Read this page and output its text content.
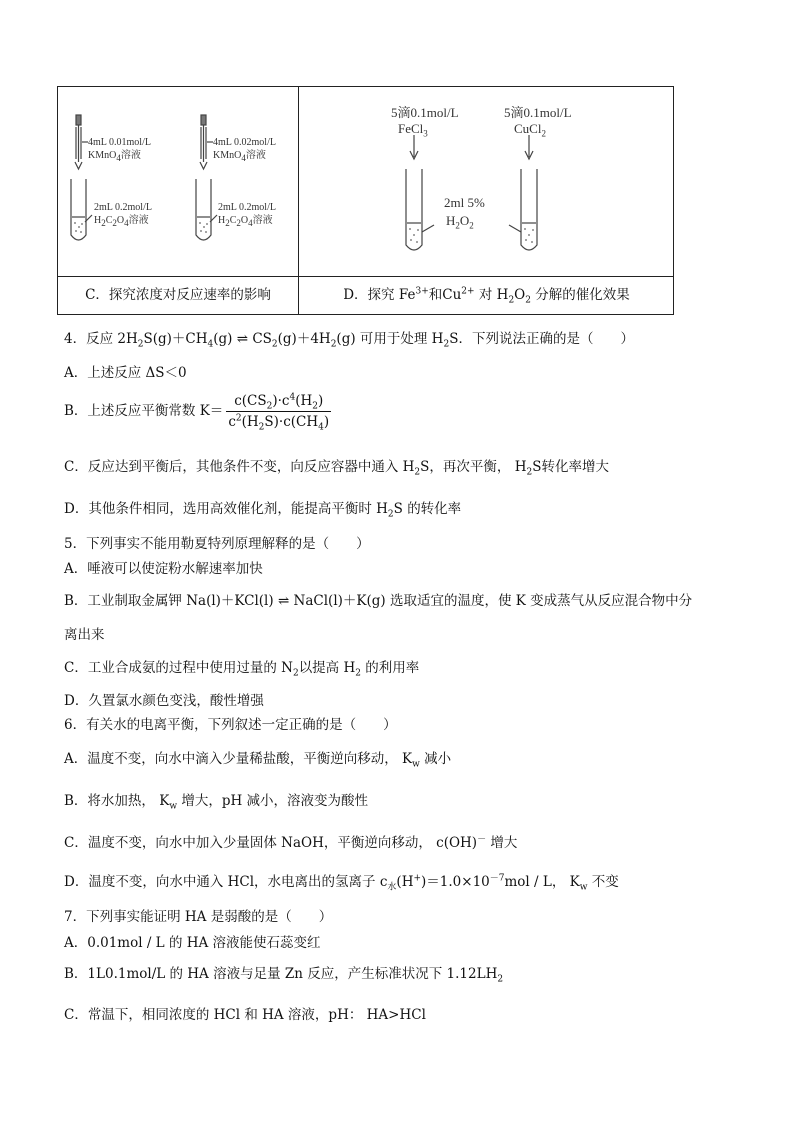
4mL 0.01mol/L
KMnO$_4$溶液
2mL 0.2mol/L
$H_2C_2O_4$溶液
4mL 0.02mol/L
KMnO$_4$溶液
2mL 0.2mol/L
$H_2C_2O_4$溶液
5滴0.1mol/L
FeCl$_3$
5滴0.1mol/L
CuCl$_2$
2ml 5%
$H_2O_2$
C．探究浓度对反应速率的影响	D．探究 $Fe^{3+}$和$Cu^{2+}$ 对 $H_2O_2$ 分解的催化效果
4．反应 $2H_2S(g)+CH_4(g)$ ⇌ $CS_2(g)+4H_2(g)$ 可用于处理 $H_2S$．下列说法正确的是（　　）
A．上述反应 ΔS＜0
B．上述反应平衡常数 $K= \frac{c(CS_2)\cdot c^4(H_2)}{c^2(H_2S)\cdot c(CH_4)}$
C．反应达到平衡后，其他条件不变，向反应容器中通入 $H_2S$，再次平衡， $H_2S$转化率增大
D．其他条件相同，选用高效催化剂，能提高平衡时 $H_2S$ 的转化率
5．下列事实不能用勒夏特列原理解释的是（　　）
A．唾液可以使淀粉水解速率加快
B．工业制取金属钾 Na(l)＋KCl(l) ⇌ NaCl(l)＋K(g) 选取适宜的温度，使 K 变成蒸气从反应混合物中分
离出来
C．工业合成氨的过程中使用过量的 $N_2$以提高 $H_2$ 的利用率
D．久置氯水颜色变浅，酸性增强
6．有关水的电离平衡，下列叙述一定正确的是（　　）
A．温度不变，向水中滴入少量稀盐酸，平衡逆向移动， $K_w$ 减小
B．将水加热， $K_w$ 增大，pH 减小，溶液变为酸性
C．温度不变，向水中加入少量固体 NaOH，平衡逆向移动， c(OH)－ 增大
D．温度不变，向水中通入 HCl，水电离出的氢离子 $c_水(H^+)=1.0\times 10^{-7}mol / L$， $K_w$ 不变
7．下列事实能证明 HA 是弱酸的是（　　）
A．0.01mol / L 的 HA 溶液能使石蕊变红
B．1L0.1mol/L 的 HA 溶液与足量 Zn 反应，产生标准状况下 $1.12LH_2$
C．常温下，相同浓度的 HCl 和 HA 溶液，pH： HA>HCl
